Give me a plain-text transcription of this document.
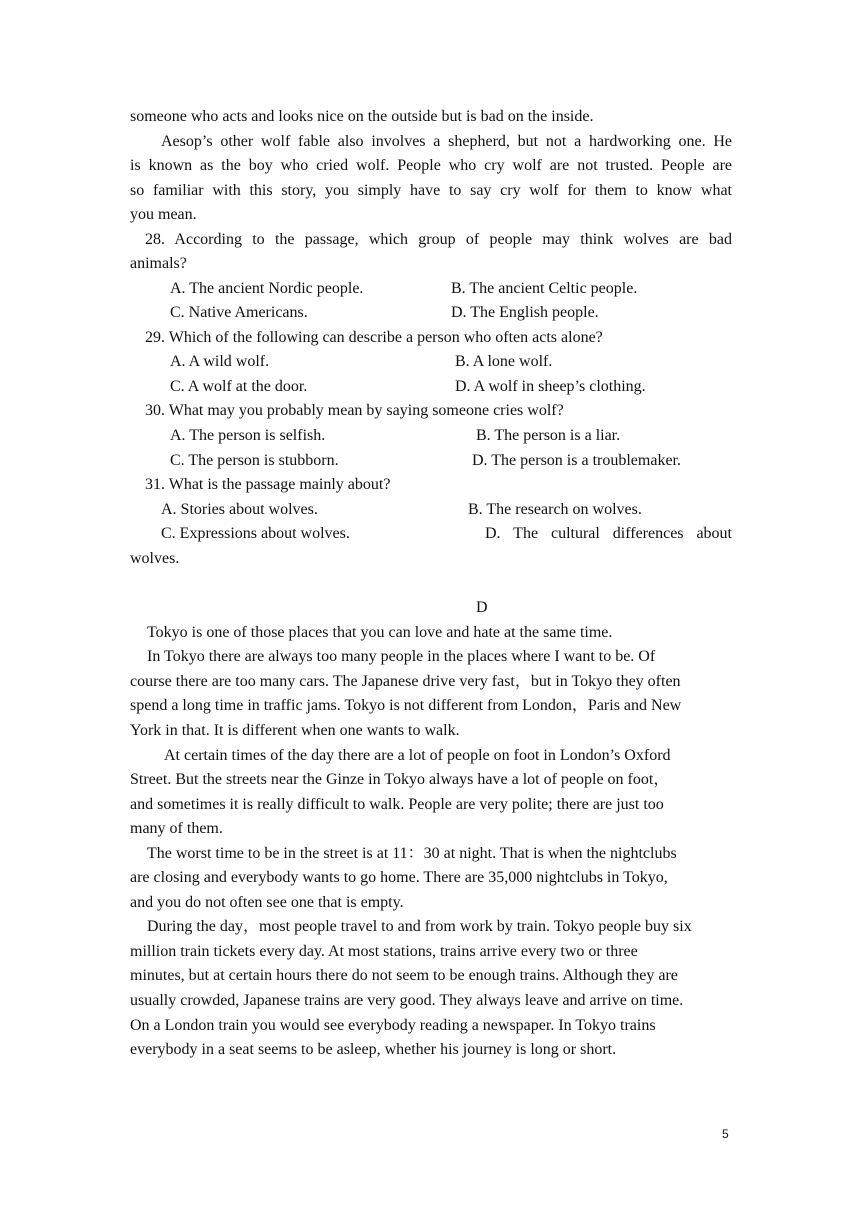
someone who acts and looks nice on the outside but is bad on the inside.
Aesop’s other wolf fable also involves a shepherd, but not a hardworking one. He
is known as the boy who cried wolf. People who cry wolf are not trusted. People are
so familiar with this story, you simply have to say cry wolf for them to know what
you mean.
28. According to the passage, which group of people may think wolves are bad
animals?
A. The ancient Nordic people.	B. The ancient Celtic people.
C. Native Americans.	D. The English people.
29. Which of the following can describe a person who often acts alone?
A. A wild wolf.	B. A lone wolf.
C. A wolf at the door.	D. A wolf in sheep’s clothing.
30. What may you probably mean by saying someone cries wolf?
A. The person is selfish.	B. The person is a liar.
C. The person is stubborn.	D. The person is a troublemaker.
31. What is the passage mainly about?
A. Stories about wolves.	B. The research on wolves.
C. Expressions about wolves.	D. The cultural differences about
wolves.
D
Tokyo is one of those places that you can love and hate at the same time.
In Tokyo there are always too many people in the places where I want to be. Of
course there are too many cars. The Japanese drive very fast，but in Tokyo they often
spend a long time in traffic jams. Tokyo is not different from London，Paris and New
York in that. It is different when one wants to walk.
At certain times of the day there are a lot of people on foot in London’s Oxford
Street. But the streets near the Ginze in Tokyo always have a lot of people on foot，
and sometimes it is really difficult to walk. People are very polite; there are just too
many of them.
The worst time to be in the street is at 11：30 at night. That is when the nightclubs
are closing and everybody wants to go home. There are 35,000 nightclubs in Tokyo,
and you do not often see one that is empty.
During the day，most people travel to and from work by train. Tokyo people buy six
million train tickets every day. At most stations, trains arrive every two or three
minutes, but at certain hours there do not seem to be enough trains. Although they are
usually crowded, Japanese trains are very good. They always leave and arrive on time.
On a London train you would see everybody reading a newspaper. In Tokyo trains
everybody in a seat seems to be asleep, whether his journey is long or short.
5
